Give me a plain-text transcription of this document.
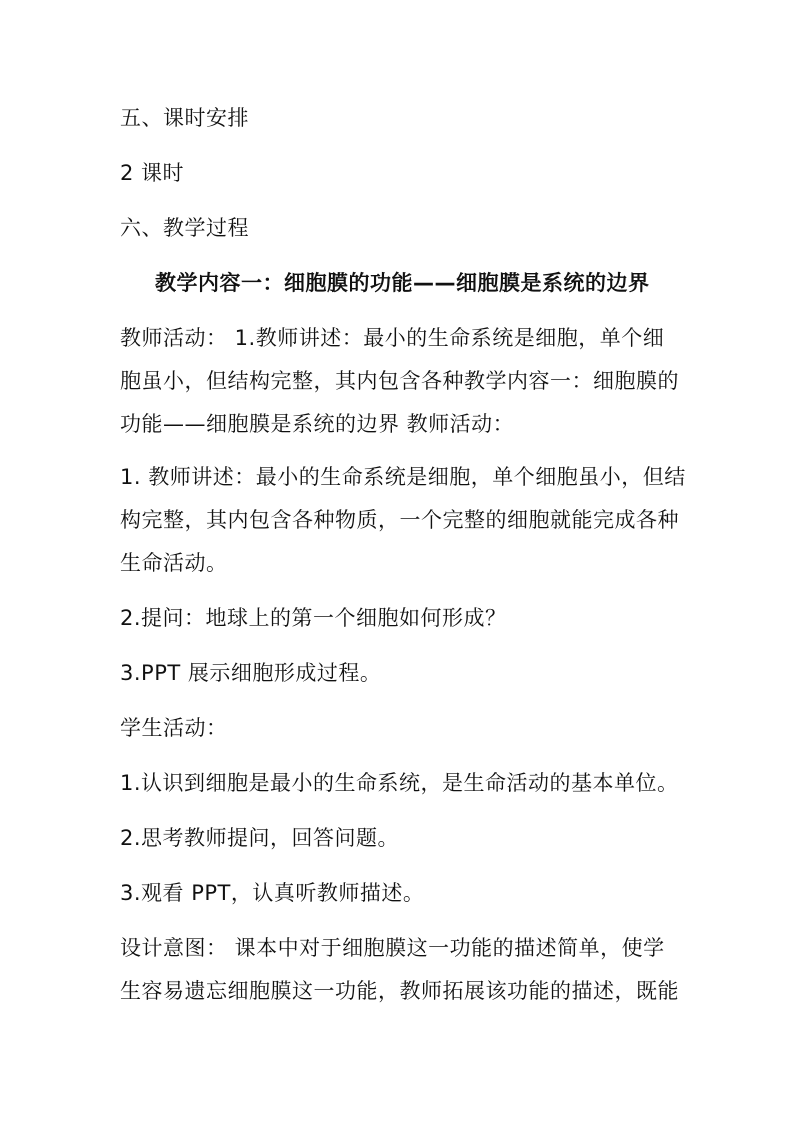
五、课时安排
2 课时
六、教学过程
教学内容一：细胞膜的功能——细胞膜是系统的边界
教师活动： 1.教师讲述：最小的生命系统是细胞，单个细
胞虽小，但结构完整，其内包含各种教学内容一：细胞膜的
功能——细胞膜是系统的边界 教师活动：
1. 教师讲述：最小的生命系统是细胞，单个细胞虽小，但结
构完整，其内包含各种物质，一个完整的细胞就能完成各种
生命活动。
2.提问：地球上的第一个细胞如何形成？
3.PPT 展示细胞形成过程。
学生活动：
1.认识到细胞是最小的生命系统，是生命活动的基本单位。
2.思考教师提问，回答问题。
3.观看 PPT，认真听教师描述。
设计意图： 课本中对于细胞膜这一功能的描述简单，使学
生容易遗忘细胞膜这一功能，教师拓展该功能的描述，既能
